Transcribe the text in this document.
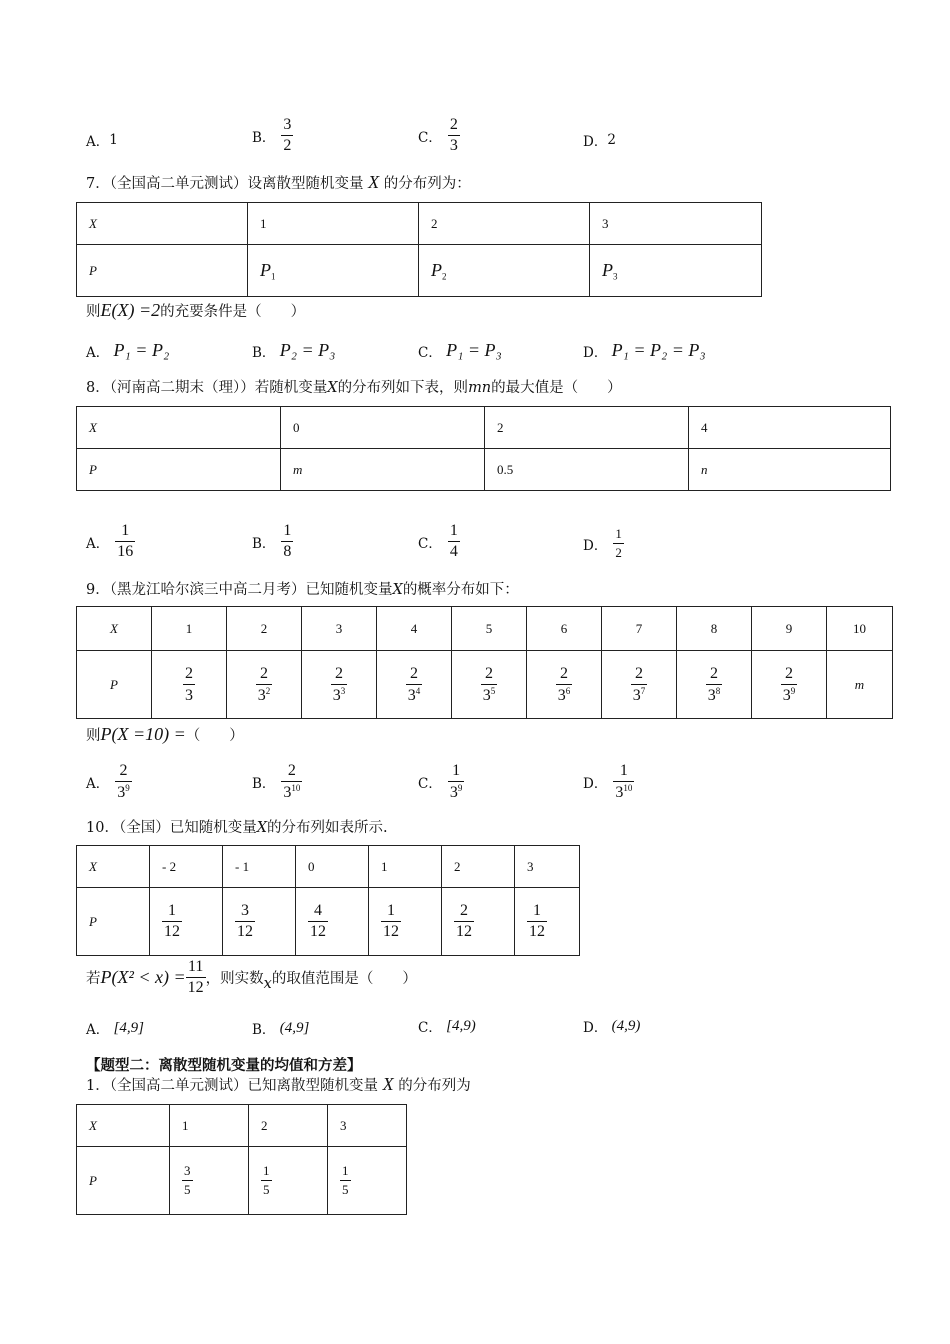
A． 1	B． $\frac{3}{2}$	C． $\frac{2}{3}$	D． 2
7．（全国高二单元测试）设离散型随机变量 X 的分布列为：
X	1	2	3
P	$P_1$	$P_2$	$P_3$
则E(X) =2的充要条件是（　　）
A．
P₁ = P₂	B．
P₂ = P₃	C．
P₁ = P₃	D．
P₁ = P₂ = P₃
8．（河南高二期末（理））若随机变量X的分布列如下表，则mn的最大值是（　　）
X	0	2	4
P	m	0.5	n
A． $\frac{1}{16}$	B． $\frac{1}{8}$	C． $\frac{1}{4}$	D． $\frac{1}{2}$
9．（黑龙江哈尔滨三中高二月考）已知随机变量X的概率分布如下：
X	1	2	3	4	5	6	7	8	9	10
P	$\frac{2}{3}$	$\frac{2}{3^2}$	$\frac{2}{3^3}$	$\frac{2}{3^4}$	$\frac{2}{3^5}$	$\frac{2}{3^6}$	$\frac{2}{3^7}$	$\frac{2}{3^8}$	$\frac{2}{3^9}$	m
则P(X =10) =（　　）
A． $\frac{2}{3^9}$	B． $\frac{2}{3^{10}}$	C． $\frac{1}{3^9}$	D． $\frac{1}{3^{10}}$
10．（全国）已知随机变量X的分布列如表所示.
X	- 2	- 1	0	1	2	3
P	$\frac{1}{12}$	$\frac{3}{12}$	$\frac{4}{12}$	$\frac{1}{12}$	$\frac{2}{12}$	$\frac{1}{12}$
若 $P(X^2 < x) = \frac{11}{12}$ ，则实数 x 的取值范围是（　　）
A．
[4,9]	B．
(4,9]	C．
[4,9)	D．
(4,9)
【题型二：离散型随机变量的均值和方差】
1．（全国高二单元测试）已知离散型随机变量 X 的分布列为
X	1	2	3
P	$\frac{3}{5}$	$\frac{1}{5}$	$\frac{1}{5}$
